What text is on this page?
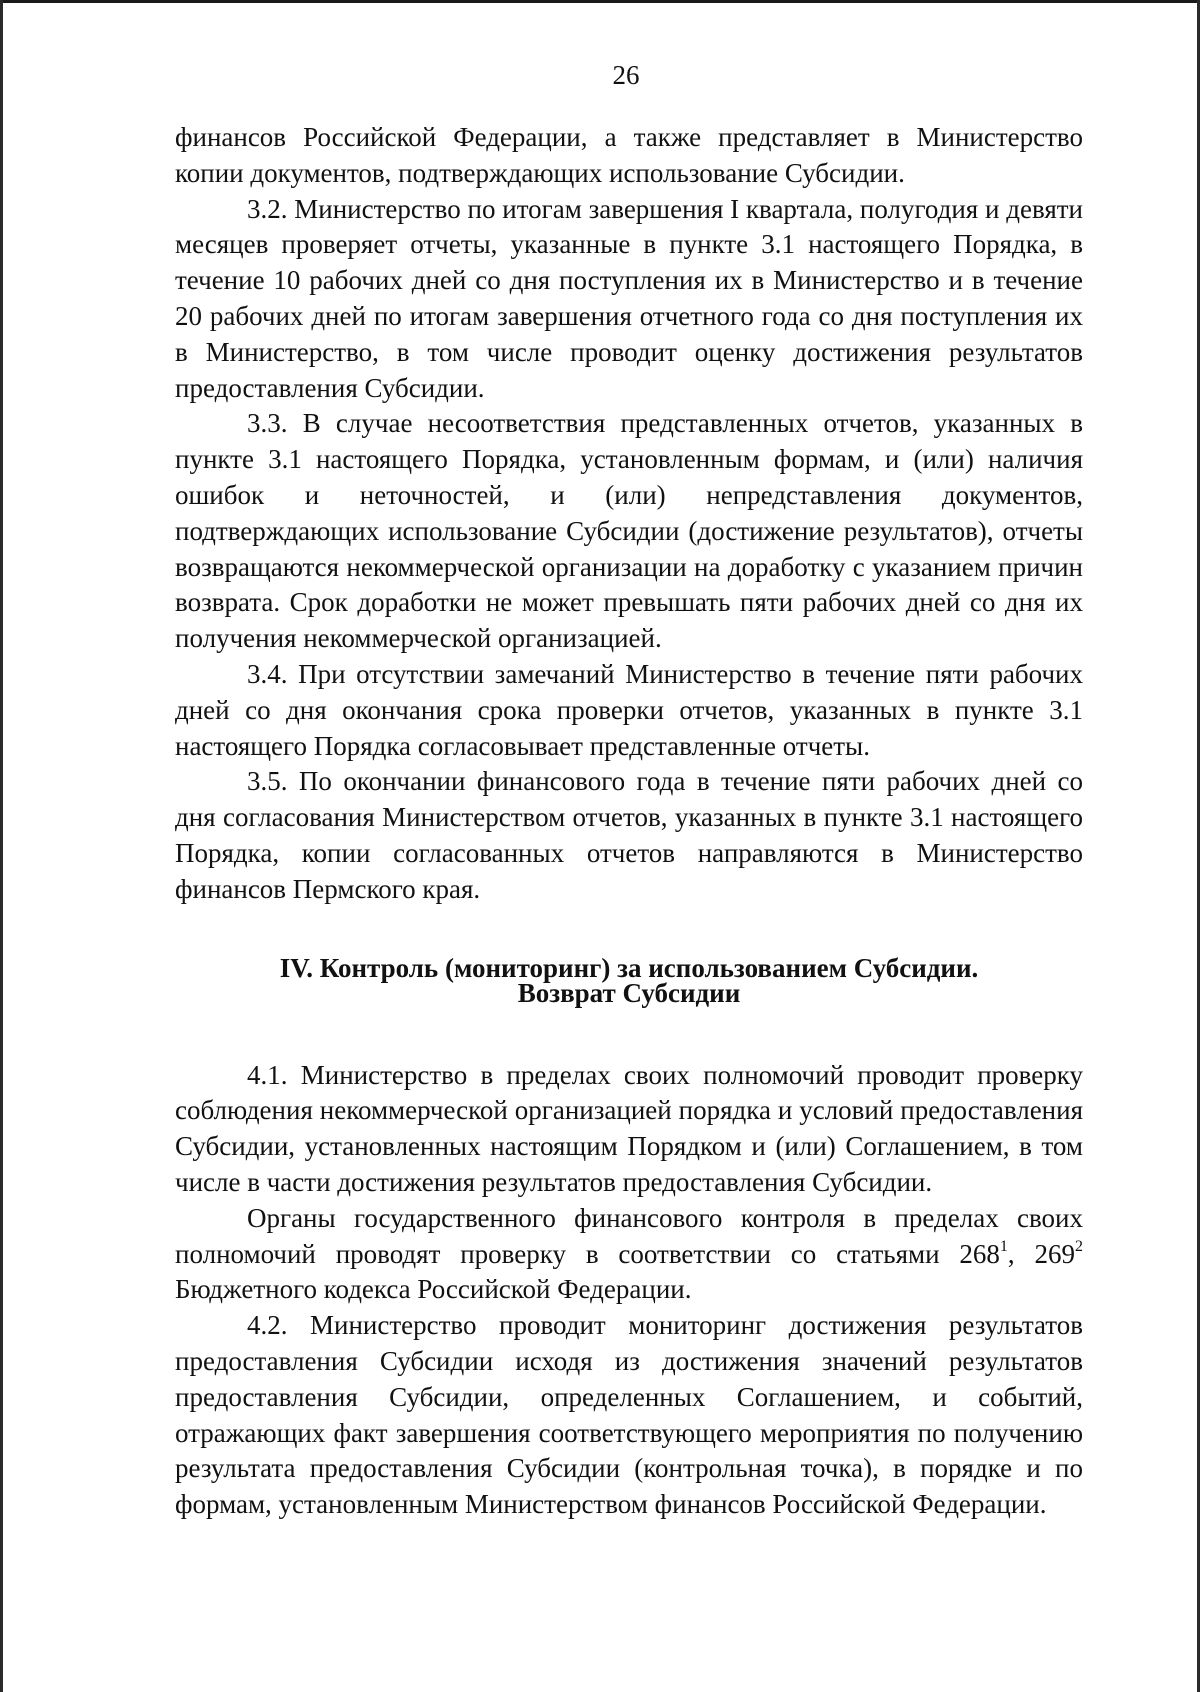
26

финансов Российской Федерации, а также представляет в Министерство копии документов, подтверждающих использование Субсидии.

3.2. Министерство по итогам завершения I квартала, полугодия и девяти месяцев проверяет отчеты, указанные в пункте 3.1 настоящего Порядка, в течение 10 рабочих дней со дня поступления их в Министерство и в течение 20 рабочих дней по итогам завершения отчетного года со дня поступления их в Министерство, в том числе проводит оценку достижения результатов предоставления Субсидии.

3.3. В случае несоответствия представленных отчетов, указанных в пункте 3.1 настоящего Порядка, установленным формам, и (или) наличия ошибок и неточностей, и (или) непредставления документов, подтверждающих использование Субсидии (достижение результатов), отчеты возвращаются некоммерческой организации на доработку с указанием причин возврата. Срок доработки не может превышать пяти рабочих дней со дня их получения некоммерческой организацией.

3.4. При отсутствии замечаний Министерство в течение пяти рабочих дней со дня окончания срока проверки отчетов, указанных в пункте 3.1 настоящего Порядка согласовывает представленные отчеты.

3.5. По окончании финансового года в течение пяти рабочих дней со дня согласования Министерством отчетов, указанных в пункте 3.1 настоящего Порядка, копии согласованных отчетов направляются в Министерство финансов Пермского края.

IV. Контроль (мониторинг) за использованием Субсидии.
Возврат Субсидии

4.1. Министерство в пределах своих полномочий проводит проверку соблюдения некоммерческой организацией порядка и условий предоставления Субсидии, установленных настоящим Порядком и (или) Соглашением, в том числе в части достижения результатов предоставления Субсидии.

Органы государственного финансового контроля в пределах своих полномочий проводят проверку в соответствии со статьями $268^1$, $269^2$ Бюджетного кодекса Российской Федерации.

4.2. Министерство проводит мониторинг достижения результатов предоставления Субсидии исходя из достижения значений результатов предоставления Субсидии, определенных Соглашением, и событий, отражающих факт завершения соответствующего мероприятия по получению результата предоставления Субсидии (контрольная точка), в порядке и по формам, установленным Министерством финансов Российской Федерации.
